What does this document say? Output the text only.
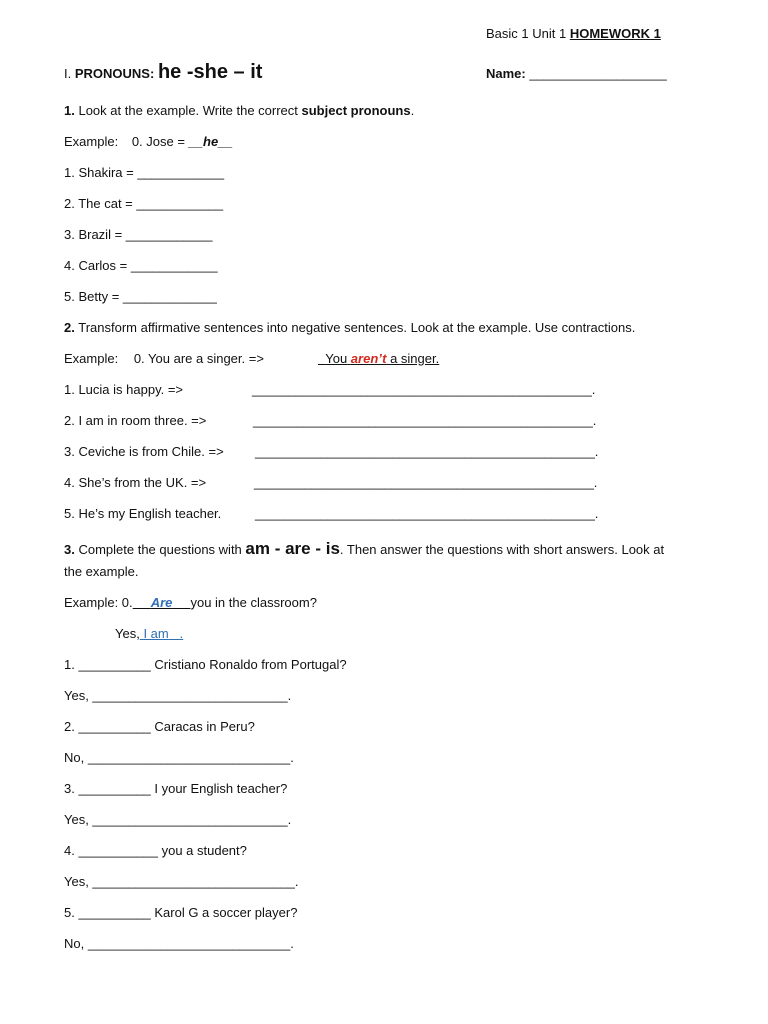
Basic 1 Unit 1 HOMEWORK 1
I. PRONOUNS: he -she – it	Name: ___________________
1. Look at the example. Write the correct subject pronouns.
Example: 0. Jose = __he__
1. Shakira = ____________
2. The cat = ____________
3. Brazil = ____________
4. Carlos = ____________
5. Betty = _____________
2. Transform affirmative sentences into negative sentences. Look at the example. Use contractions.
Example: 0. You are a singer. =>	You aren’t a singer.
1. Lucia is happy. =>	_______________________________________________.
2. I am in room three. =>	_______________________________________________.
3. Ceviche is from Chile. => _______________________________________________.
4. She’s from the UK. =>	_______________________________________________.
5. He’s my English teacher.	_______________________________________________.
3. Complete the questions with am - are - is. Then answer the questions with short answers. Look at
the example.
Example: 0. Are you in the classroom?
Yes, I am .
1. __________ Cristiano Ronaldo from Portugal?
Yes, ___________________________.
2. __________ Caracas in Peru?
No, ____________________________.
3. __________ I your English teacher?
Yes, ___________________________.
4. ___________ you a student?
Yes, ____________________________.
5. __________ Karol G a soccer player?
No, ____________________________.
